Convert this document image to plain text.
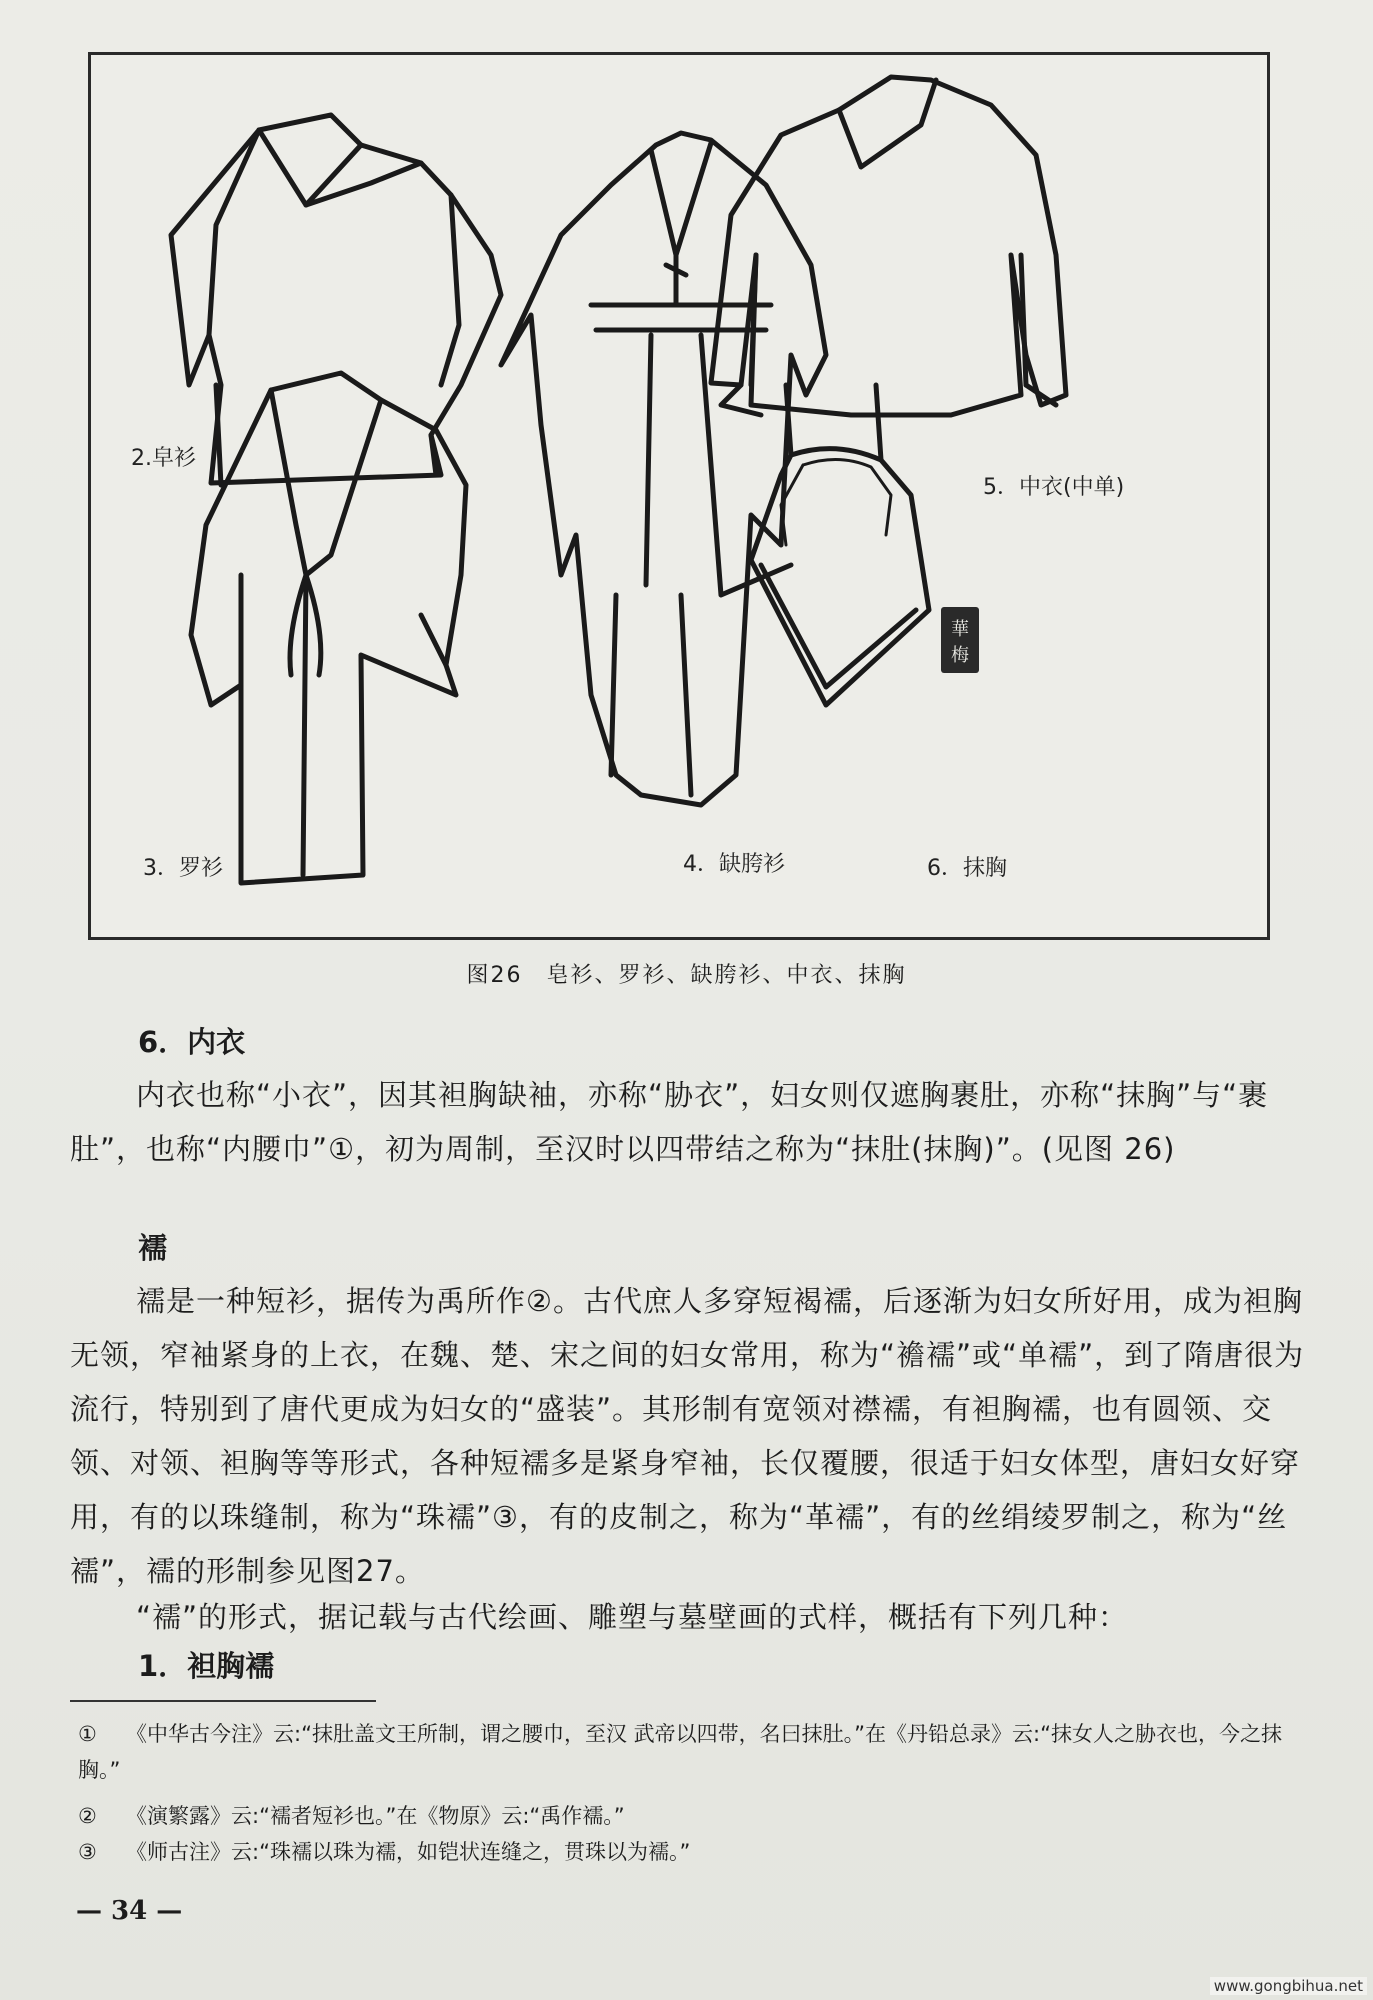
華
梅
2.皁衫
3．罗衫	4．缺胯衫
5．中衣(中单)
6．抹胸
图26　皂衫、罗衫、缺胯衫、中衣、抹胸
6．内衣

内衣也称“小衣”，因其袒胸缺袖，亦称“胁衣”，妇女则仅遮胸裹肚，亦称“抹胸”与“裹肚”，也称“内腰巾”①，初为周制，至汉时以四带结之称为“抹肚(抹胸)”。(见图 26)

襦

襦是一种短衫，据传为禹所作②。古代庶人多穿短褐襦，后逐渐为妇女所好用，成为袒胸无领，窄袖紧身的上衣，在魏、楚、宋之间的妇女常用，称为“襜襦”或“单襦”，到了隋唐很为流行，特别到了唐代更成为妇女的“盛装”。其形制有宽领对襟襦，有袒胸襦，也有圆领、交领、对领、袒胸等等形式，各种短襦多是紧身窄袖，长仅覆腰，很适于妇女体型，唐妇女好穿用，有的以珠缝制，称为“珠襦”③，有的皮制之，称为“革襦”，有的丝绢绫罗制之，称为“丝襦”，襦的形制参见图27。

“襦”的形式，据记载与古代绘画、雕塑与墓壁画的式样，概括有下列几种：

1．袒胸襦

① 《中华古今注》云:“抹肚盖文王所制，谓之腰巾，至汉 武帝以四带，名曰抹肚。”在《丹铅总录》云:“抹女人之胁衣也，今之抹胸。”

② 《演繁露》云:“襦者短衫也。”在《物原》云:“禹作襦。”

③ 《师古注》云:“珠襦以珠为襦，如铠状连缝之，贯珠以为襦。”

— 34 —
www.gongbihua.net
